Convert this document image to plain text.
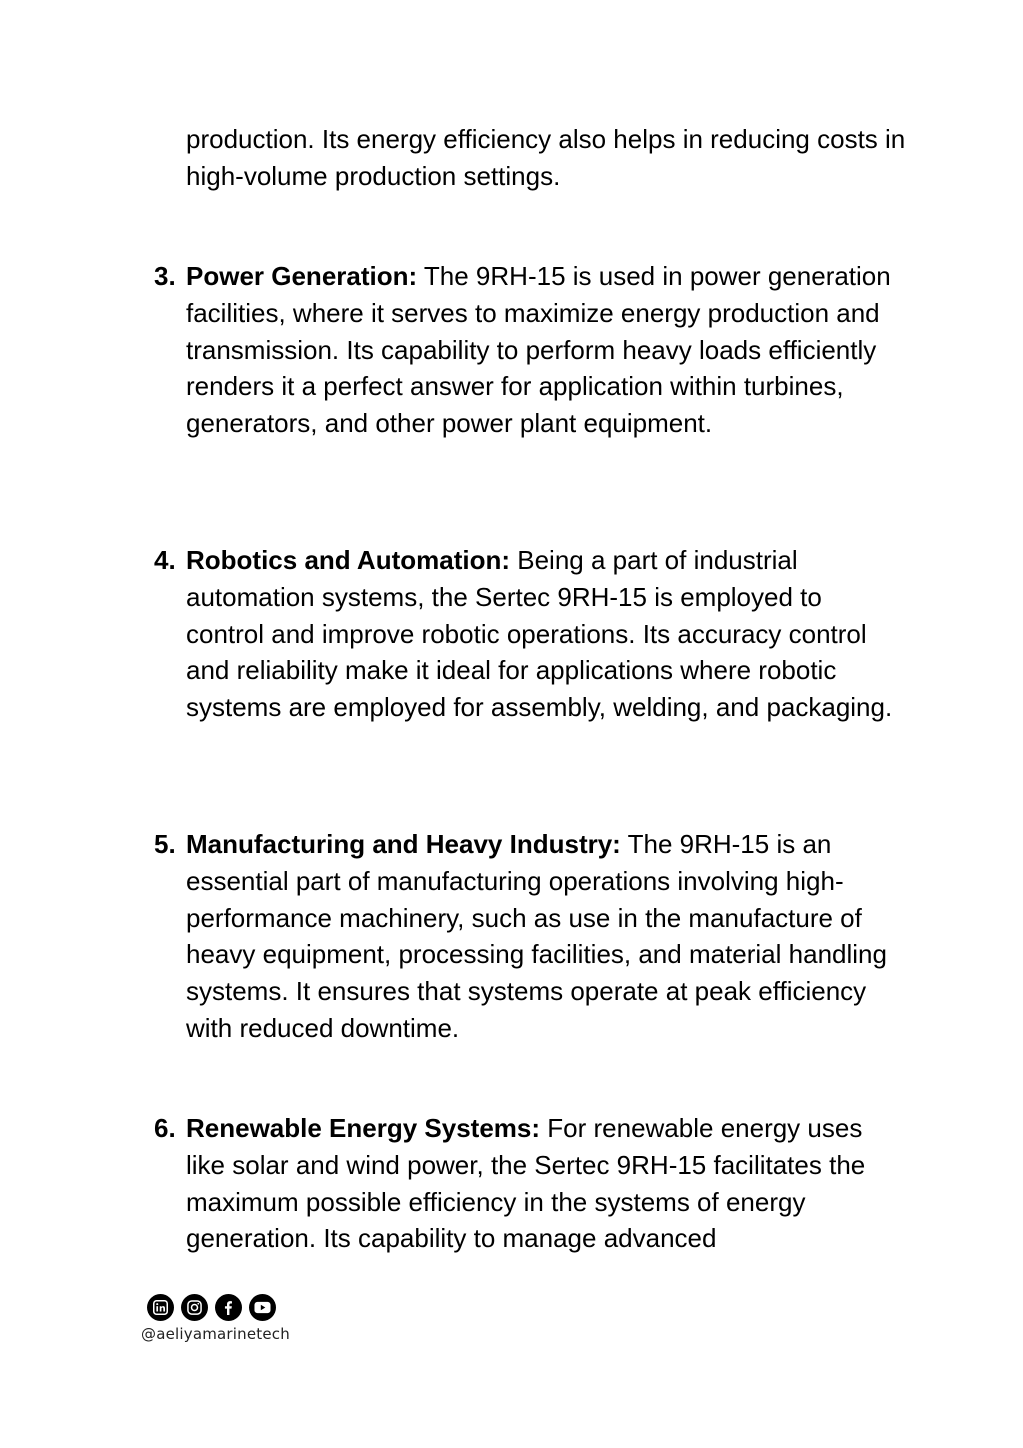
production. Its energy efficiency also helps in reducing costs in high-volume production settings.

3. Power Generation: The 9RH-15 is used in power generation facilities, where it serves to maximize energy production and transmission. Its capability to perform heavy loads efficiently renders it a perfect answer for application within turbines, generators, and other power plant equipment.
4. Robotics and Automation: Being a part of industrial automation systems, the Sertec 9RH-15 is employed to control and improve robotic operations. Its accuracy control and reliability make it ideal for applications where robotic systems are employed for assembly, welding, and packaging.
5. Manufacturing and Heavy Industry: The 9RH-15 is an essential part of manufacturing operations involving high-performance machinery, such as use in the manufacture of heavy equipment, processing facilities, and material handling systems. It ensures that systems operate at peak efficiency with reduced downtime.
6. Renewable Energy Systems: For renewable energy uses like solar and wind power, the Sertec 9RH-15 facilitates the maximum possible efficiency in the systems of energy generation. Its capability to manage advanced
@aeliyamarinetech
